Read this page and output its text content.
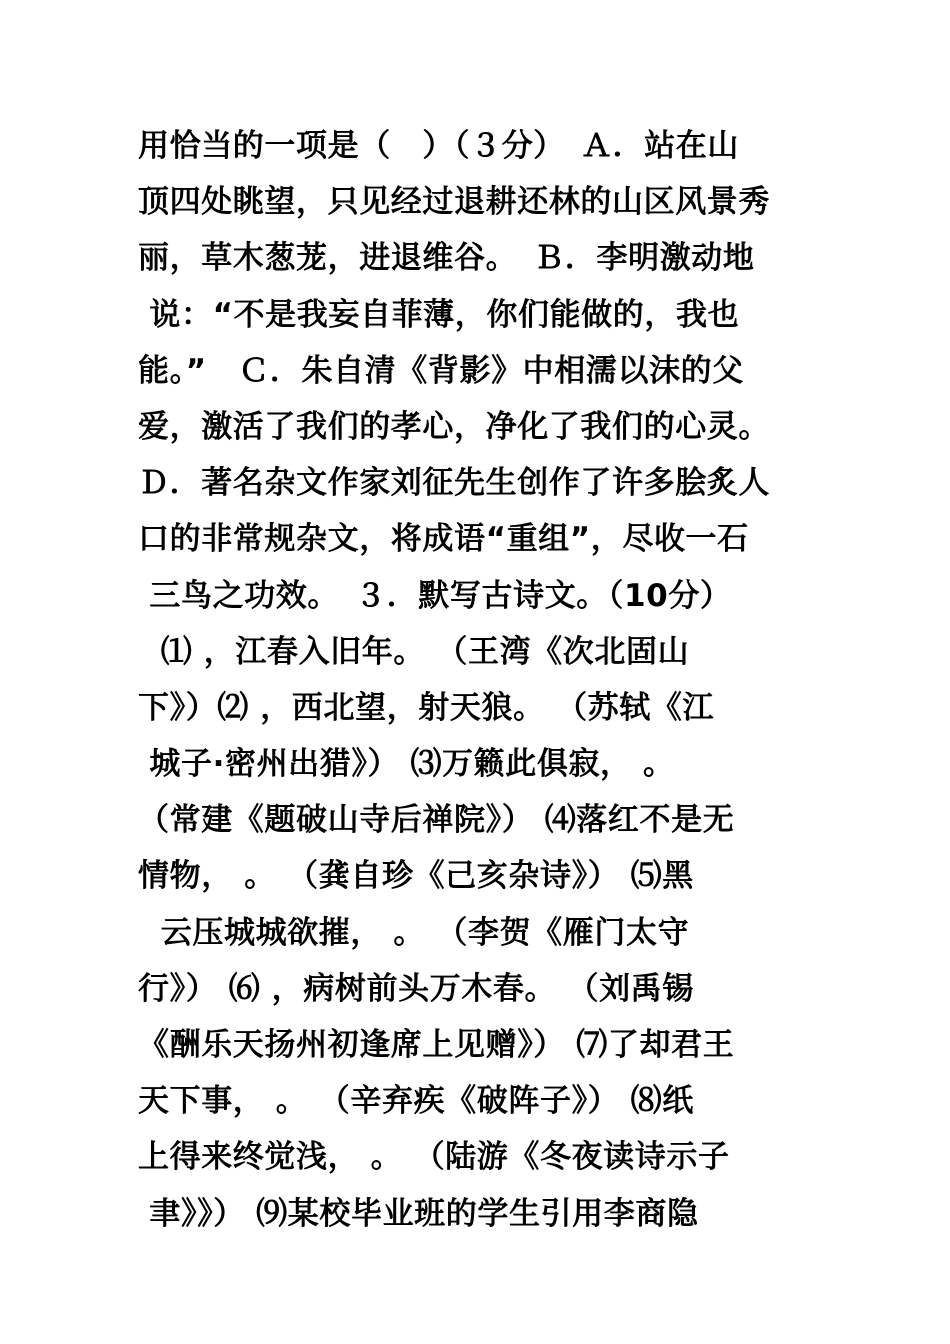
用恰当的一项是（　）（３分）　Ａ．站在山
顶四处眺望，只见经过退耕还林的山区风景秀
丽，草木葱茏，进退维谷。　Ｂ．李明激动地
说：“不是我妄自菲薄，你们能做的，我也
能。”　Ｃ．朱自清《背影》中相濡以沫的父
爱，激活了我们的孝心，净化了我们的心灵。
Ｄ．著名杂文作家刘征先生创作了许多脍炙人
口的非常规杂文，将成语“重组”，尽收一石
三鸟之功效。　３．默写古诗文。（10分）
⑴ ，江春入旧年。 （王湾《次北固山
下》）⑵ ，西北望，射天狼。 （苏轼《江
城子·密州出猎》） ⑶万籁此俱寂， 。
（常建《题破山寺后禅院》） ⑷落红不是无
情物， 。 （龚自珍《己亥杂诗》） ⑸黑
云压城城欲摧， 。 （李贺《雁门太守
行》） ⑹ ，病树前头万木春。 （刘禹锡
《酬乐天扬州初逢席上见赠》） ⑺了却君王
天下事， 。 （辛弃疾《破阵子》） ⑻纸
上得来终觉浅， 。 （陆游《冬夜读诗示子
聿》》） ⑼某校毕业班的学生引用李商隐
